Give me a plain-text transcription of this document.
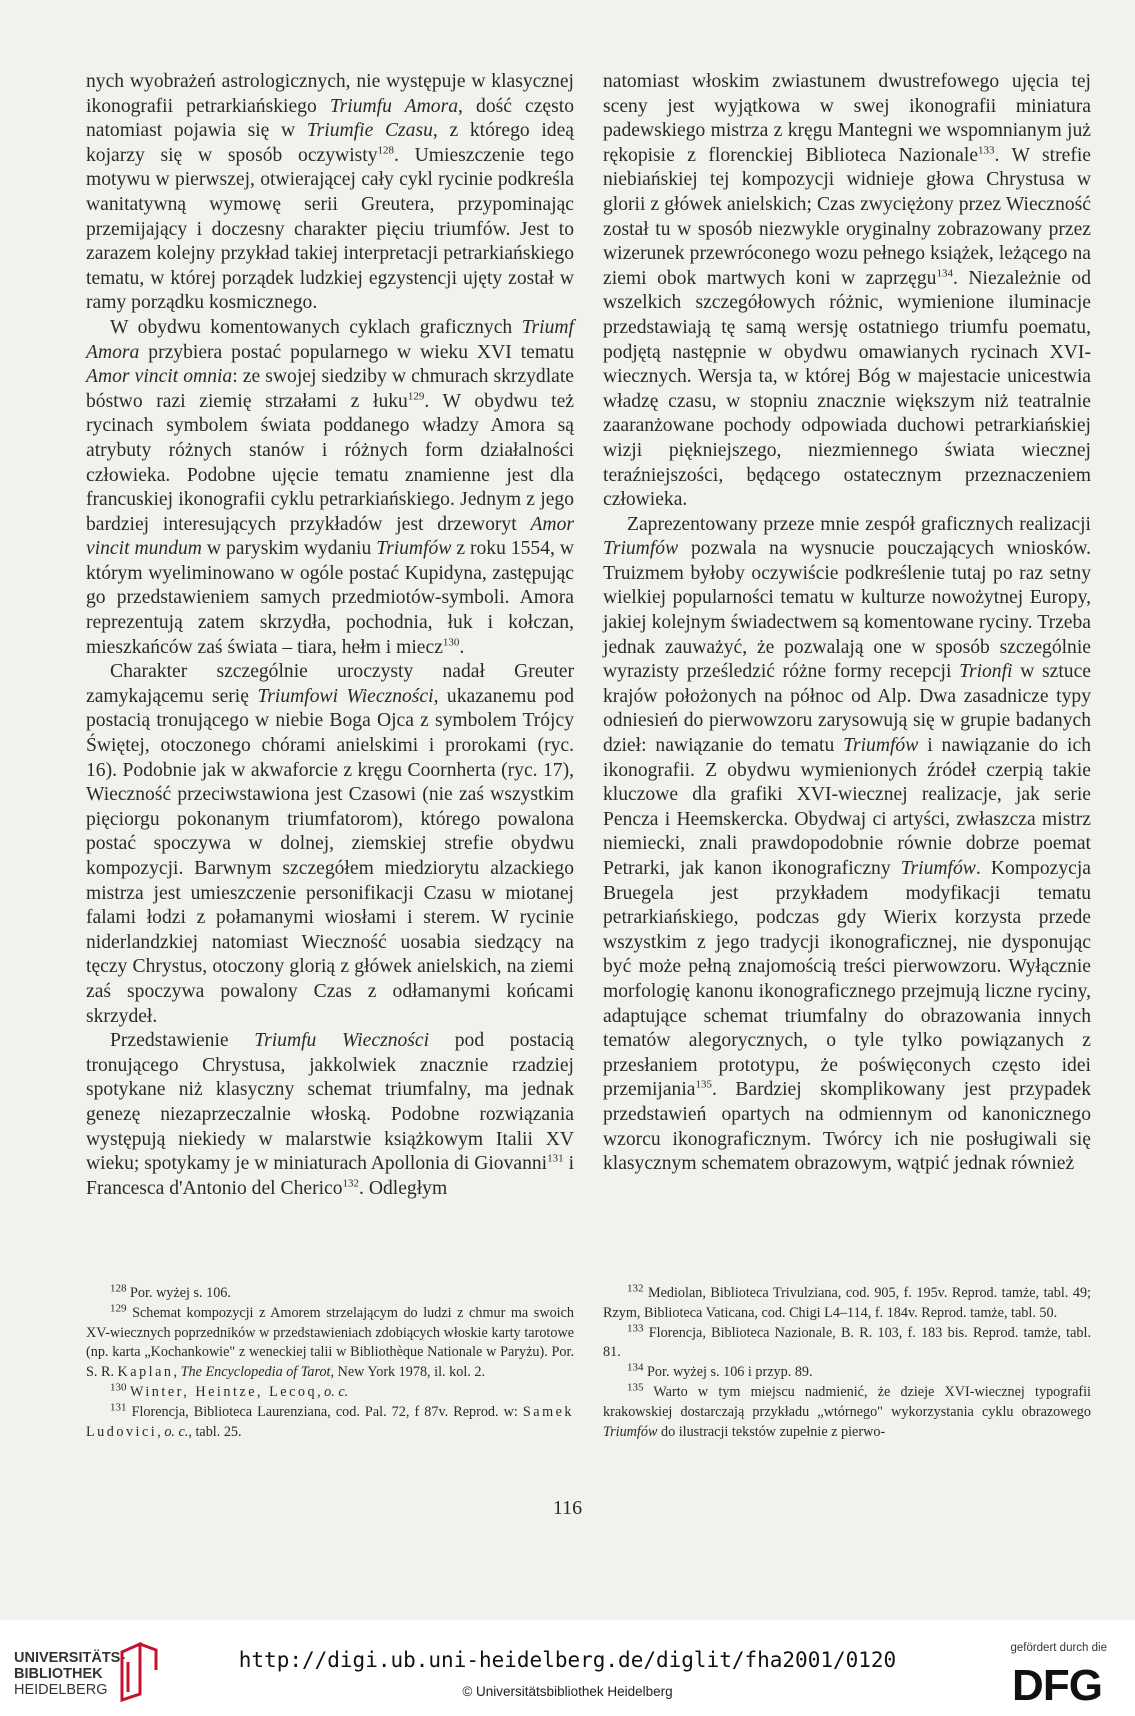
nych wyobrażeń astrologicznych, nie występuje w klasycznej ikonografii petrarkiańskiego Triumfu Amora, dość często natomiast pojawia się w Triumfie Czasu, z którego ideą kojarzy się w sposób oczywisty$^{128}$. Umieszczenie tego motywu w pierwszej, otwierającej cały cykl rycinie podkreśla wanitatywną wymowę serii Greutera, przypominając przemijający i doczesny charakter pięciu triumfów. Jest to zarazem kolejny przykład takiej interpretacji petrarkiańskiego tematu, w której porządek ludzkiej egzystencji ujęty został w ramy porządku kosmicznego.

W obydwu komentowanych cyklach graficznych Triumf Amora przybiera postać popularnego w wieku XVI tematu Amor vincit omnia: ze swojej siedziby w chmurach skrzydlate bóstwo razi ziemię strzałami z łuku$^{129}$. W obydwu też rycinach symbolem świata poddanego władzy Amora są atrybuty różnych stanów i różnych form działalności człowieka. Podobne ujęcie tematu znamienne jest dla francuskiej ikonografii cyklu petrarkiańskiego. Jednym z jego bardziej interesujących przykładów jest drzeworyt Amor vincit mundum w paryskim wydaniu Triumfów z roku 1554, w którym wyeliminowano w ogóle postać Kupidyna, zastępując go przedstawieniem samych przedmiotów-symboli. Amora reprezentują zatem skrzydła, pochodnia, łuk i kołczan, mieszkańców zaś świata – tiara, hełm i miecz$^{130}$.

Charakter szczególnie uroczysty nadał Greuter zamykającemu serię Triumfowi Wieczności, ukazanemu pod postacią tronującego w niebie Boga Ojca z symbolem Trójcy Świętej, otoczonego chórami anielskimi i prorokami (ryc. 16). Podobnie jak w akwaforcie z kręgu Coornherta (ryc. 17), Wieczność przeciwstawiona jest Czasowi (nie zaś wszystkim pięciorgu pokonanym triumfatorom), którego powalona postać spoczywa w dolnej, ziemskiej strefie obydwu kompozycji. Barwnym szczegółem miedziorytu alzackiego mistrza jest umieszczenie personifikacji Czasu w miotanej falami łodzi z połamanymi wiosłami i sterem. W rycinie niderlandzkiej natomiast Wieczność uosabia siedzący na tęczy Chrystus, otoczony glorią z główek anielskich, na ziemi zaś spoczywa powalony Czas z odłamanymi końcami skrzydeł.

Przedstawienie Triumfu Wieczności pod postacią tronującego Chrystusa, jakkolwiek znacznie rzadziej spotykane niż klasyczny schemat triumfalny, ma jednak genezę niezaprzeczalnie włoską. Podobne rozwiązania występują niekiedy w malarstwie książkowym Italii XV wieku; spotykamy je w miniaturach Apollonia di Giovanni$^{131}$ i Francesca d'Antonio del Cherico$^{132}$. Odległym

natomiast włoskim zwiastunem dwustrefowego ujęcia tej sceny jest wyjątkowa w swej ikonografii miniatura padewskiego mistrza z kręgu Mantegni we wspomnianym już rękopisie z florenckiej Biblioteca Nazionale$^{133}$. W strefie niebiańskiej tej kompozycji widnieje głowa Chrystusa w glorii z główek anielskich; Czas zwyciężony przez Wieczność został tu w sposób niezwykle oryginalny zobrazowany przez wizerunek przewróconego wozu pełnego książek, leżącego na ziemi obok martwych koni w zaprzęgu$^{134}$. Niezależnie od wszelkich szczegółowych różnic, wymienione iluminacje przedstawiają tę samą wersję ostatniego triumfu poematu, podjętą następnie w obydwu omawianych rycinach XVI-wiecznych. Wersja ta, w której Bóg w majestacie unicestwia władzę czasu, w stopniu znacznie większym niż teatralnie zaaranżowane pochody odpowiada duchowi petrarkiańskiej wizji piękniejszego, niezmiennego świata wiecznej teraźniejszości, będącego ostatecznym przeznaczeniem człowieka.

Zaprezentowany przeze mnie zespół graficznych realizacji Triumfów pozwala na wysnucie pouczających wniosków. Truizmem byłoby oczywiście podkreślenie tutaj po raz setny wielkiej popularności tematu w kulturze nowożytnej Europy, jakiej kolejnym świadectwem są komentowane ryciny. Trzeba jednak zauważyć, że pozwalają one w sposób szczególnie wyrazisty prześledzić różne formy recepcji Trionfi w sztuce krajów położonych na północ od Alp. Dwa zasadnicze typy odniesień do pierwowzoru zarysowują się w grupie badanych dzieł: nawiązanie do tematu Triumfów i nawiązanie do ich ikonografii. Z obydwu wymienionych źródeł czerpią takie kluczowe dla grafiki XVI-wiecznej realizacje, jak serie Pencza i Heemskercka. Obydwaj ci artyści, zwłaszcza mistrz niemiecki, znali prawdopodobnie równie dobrze poemat Petrarki, jak kanon ikonograficzny Triumfów. Kompozycja Bruegela jest przykładem modyfikacji tematu petrarkiańskiego, podczas gdy Wierix korzysta przede wszystkim z jego tradycji ikonograficznej, nie dysponując być może pełną znajomością treści pierwowzoru. Wyłącznie morfologię kanonu ikonograficznego przejmują liczne ryciny, adaptujące schemat triumfalny do obrazowania innych tematów alegorycznych, o tyle tylko powiązanych z przesłaniem prototypu, że poświęconych często idei przemijania$^{135}$. Bardziej skomplikowany jest przypadek przedstawień opartych na odmiennym od kanonicznego wzorcu ikonograficznym. Twórcy ich nie posługiwali się klasycznym schematem obrazowym, wątpić jednak również

$^{128}$ Por. wyżej s. 106.

$^{129}$ Schemat kompozycji z Amorem strzelającym do ludzi z chmur ma swoich XV-wiecznych poprzedników w przedstawieniach zdobiących włoskie karty tarotowe (np. karta „Kochankowie" z weneckiej talii w Bibliothèque Nationale w Paryżu). Por. S. R. Kaplan, The Encyclopedia of Tarot, New York 1978, il. kol. 2.

$^{130}$ Winter, Heintze, Lecoq, o. c.

$^{131}$ Florencja, Biblioteca Laurenziana, cod. Pal. 72, f 87v. Reprod. w: Samek Ludovici, o. c., tabl. 25.

$^{132}$ Mediolan, Biblioteca Trivulziana, cod. 905, f. 195v. Reprod. tamże, tabl. 49; Rzym, Biblioteca Vaticana, cod. Chigi L4–114, f. 184v. Reprod. tamże, tabl. 50.

$^{133}$ Florencja, Biblioteca Nazionale, B. R. 103, f. 183 bis. Reprod. tamże, tabl. 81.

$^{134}$ Por. wyżej s. 106 i przyp. 89.

$^{135}$ Warto w tym miejscu nadmienić, że dzieje XVI-wiecznej typografii krakowskiej dostarczają przykładu „wtórnego" wykorzystania cyklu obrazowego Triumfów do ilustracji tekstów zupełnie z pierwo-

116
UNIVERSITÄTS-
BIBLIOTHEK
HEIDELBERG
http://digi.ub.uni-heidelberg.de/diglit/fha2001/0120
© Universitätsbibliothek Heidelberg
gefördert durch die
DFG
